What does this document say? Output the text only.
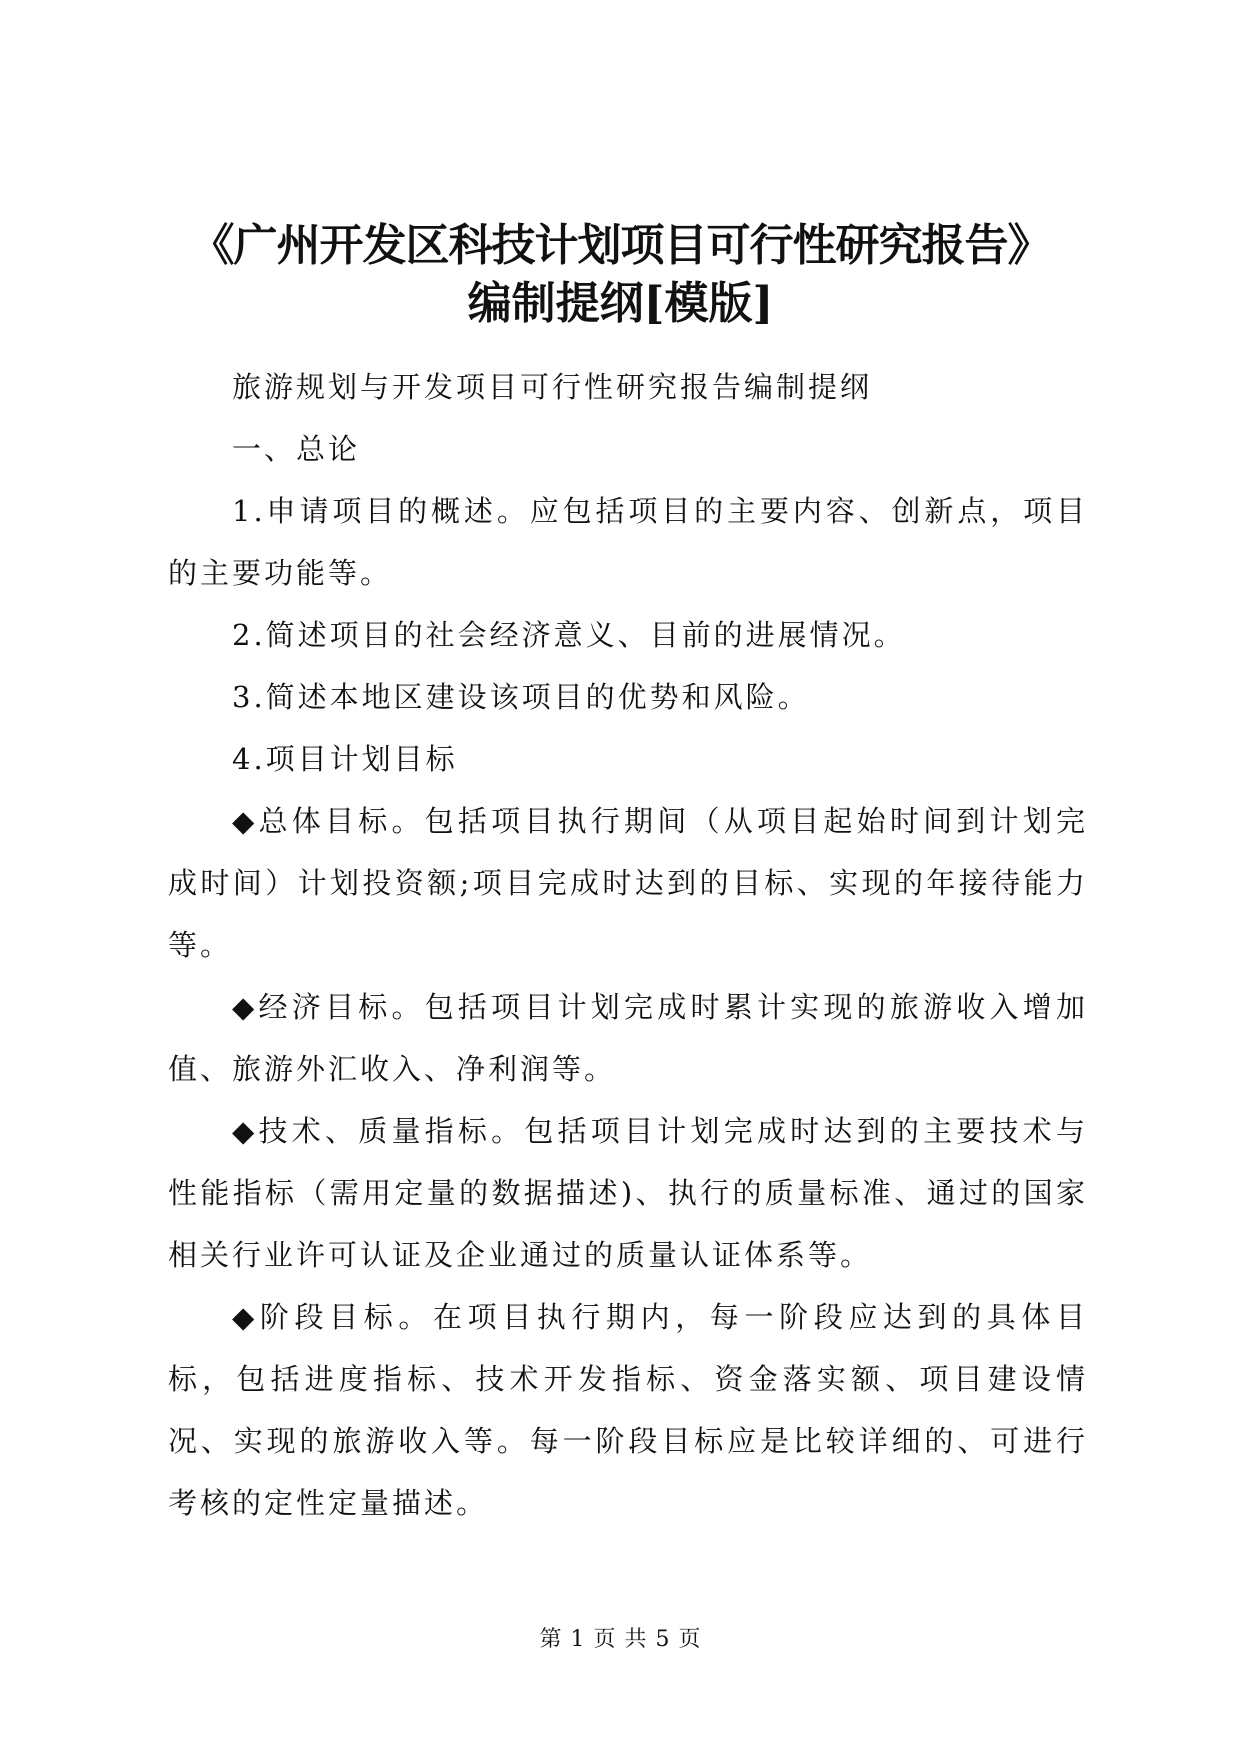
《广州开发区科技计划项目可行性研究报告》
编制提纲[模版]

旅游规划与开发项目可行性研究报告编制提纲

一、总论

1.申请项目的概述。应包括项目的主要内容、创新点，项目的主要功能等。

2.简述项目的社会经济意义、目前的进展情况。

3.简述本地区建设该项目的优势和风险。

4.项目计划目标

◆总体目标。包括项目执行期间（从项目起始时间到计划完成时间）计划投资额;项目完成时达到的目标、实现的年接待能力等。

◆经济目标。包括项目计划完成时累计实现的旅游收入增加值、旅游外汇收入、净利润等。

◆技术、质量指标。包括项目计划完成时达到的主要技术与性能指标（需用定量的数据描述)、执行的质量标准、通过的国家相关行业许可认证及企业通过的质量认证体系等。

◆阶段目标。在项目执行期内，每一阶段应达到的具体目标，包括进度指标、技术开发指标、资金落实额、项目建设情况、实现的旅游收入等。每一阶段目标应是比较详细的、可进行考核的定性定量描述。

第 1 页 共 5 页
